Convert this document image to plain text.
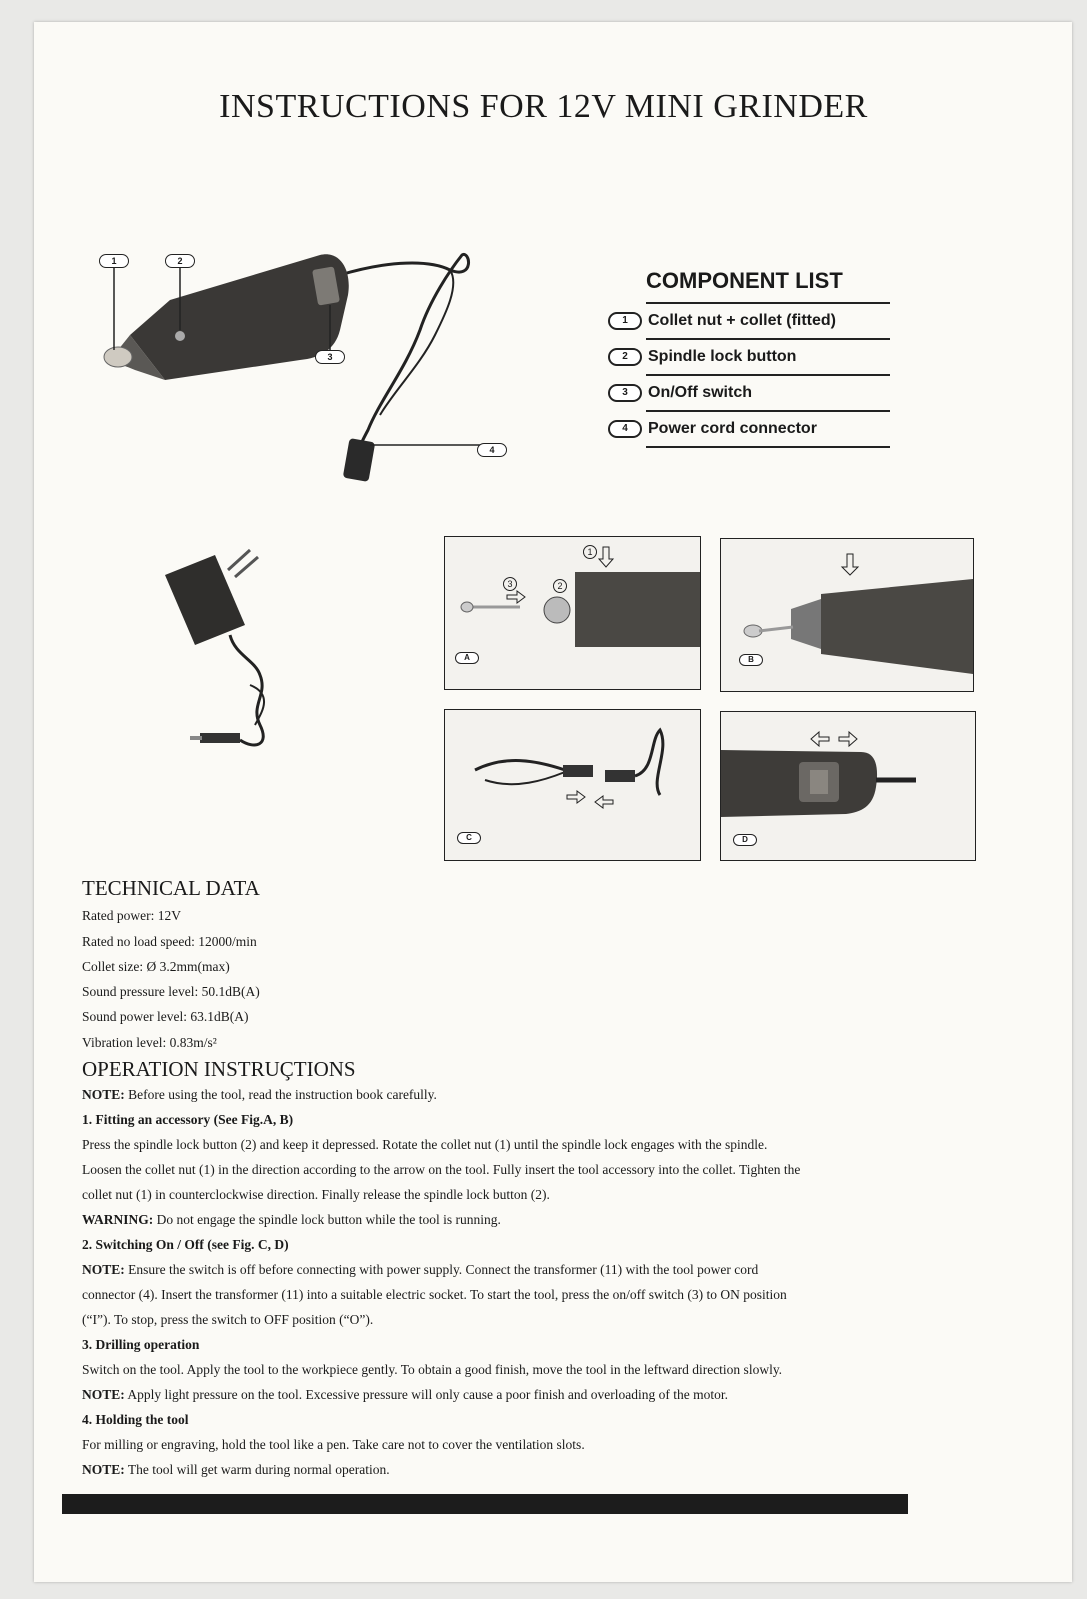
INSTRUCTIONS FOR 12V MINI GRINDER
1	2
3
4
COMPONENT LIST
1	Collet nut + collet (fitted)
2	Spindle lock button
3	On/Off switch
4	Power cord connector
1
2
3
A	B
C	D
TECHNICAL DATA
Rated power: 12V
Rated no load speed: 12000/min
Collet size: Ø 3.2mm(max)
Sound pressure level: 50.1dB(A)
Sound power level: 63.1dB(A)
Vibration level: 0.83m/s²
OPERATION INSTRUÇTIONS
NOTE: Before using the tool, read the instruction book carefully.
1. Fitting an accessory (See Fig.A, B)
Press the spindle lock button (2) and keep it depressed. Rotate the collet nut (1) until the spindle lock engages with the spindle.
Loosen the collet nut (1) in the direction according to the arrow on the tool. Fully insert the tool accessory into the collet. Tighten the
collet nut (1) in counterclockwise direction. Finally release the spindle lock button (2).
WARNING: Do not engage the spindle lock button while the tool is running.
2. Switching On / Off (see Fig. C, D)
NOTE: Ensure the switch is off before connecting with power supply. Connect the transformer (11) with the tool power cord
connector (4). Insert the transformer (11) into a suitable electric socket. To start the tool, press the on/off switch (3) to ON position
(“I”). To stop, press the switch to OFF position (“O”).
3. Drilling operation
Switch on the tool. Apply the tool to the workpiece gently. To obtain a good finish, move the tool in the leftward direction slowly.
NOTE: Apply light pressure on the tool. Excessive pressure will only cause a poor finish and overloading of the motor.
4. Holding the tool
For milling or engraving, hold the tool like a pen. Take care not to cover the ventilation slots.
NOTE: The tool will get warm during normal operation.
